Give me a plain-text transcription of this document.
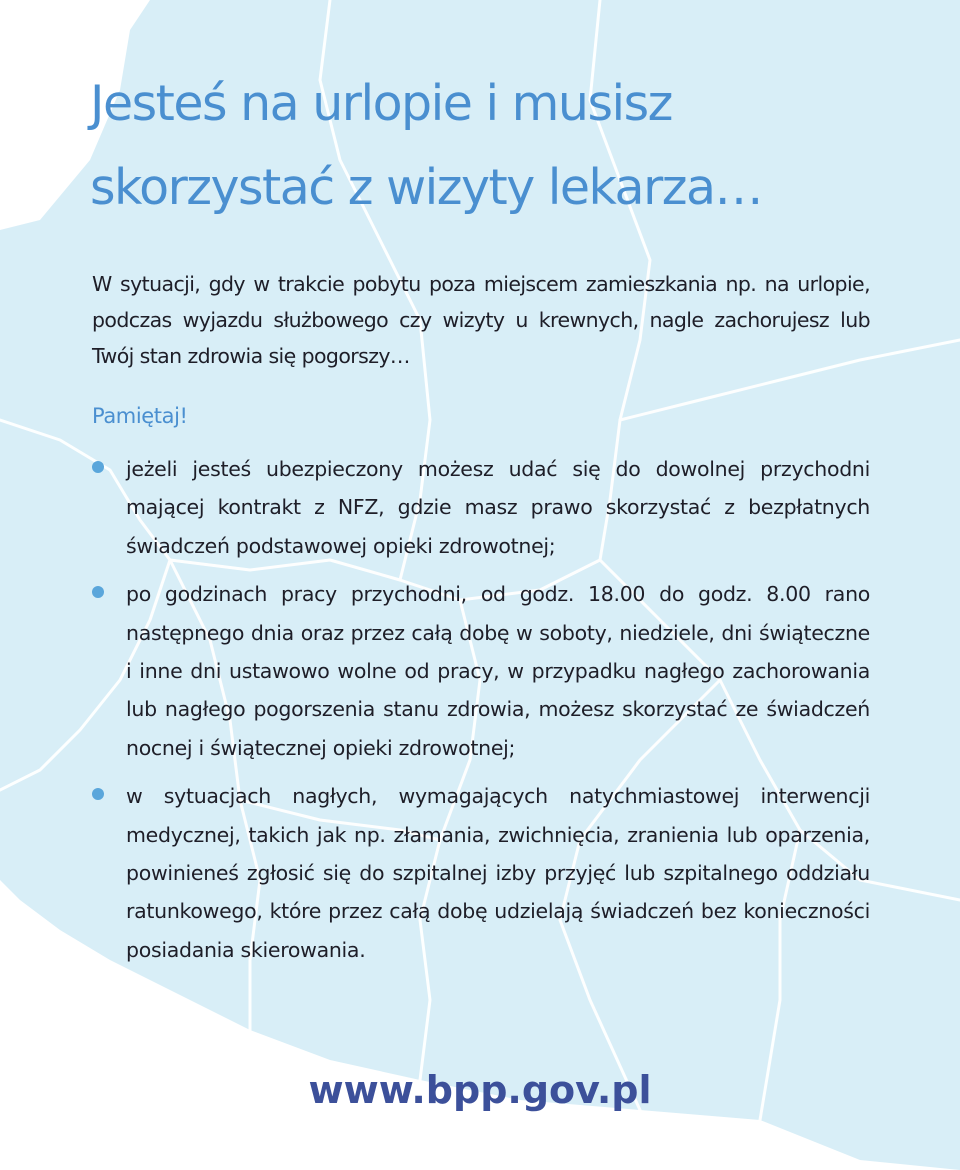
Jesteś na urlopie i musisz
skorzystać z wizyty lekarza…

W sytuacji, gdy w trakcie pobytu poza miejscem zamieszkania np. na urlopie, podczas wyjazdu służbowego czy wizyty u krewnych, nagle zachorujesz lub Twój stan zdrowia się pogorszy…

Pamiętaj!

jeżeli jesteś ubezpieczony możesz udać się do dowolnej przychodni mającej kontrakt z NFZ, gdzie masz prawo skorzystać z bezpłatnych świadczeń podstawowej opieki zdrowotnej;
po godzinach pracy przychodni, od godz. 18.00 do godz. 8.00 rano następnego dnia oraz przez całą dobę w soboty, niedziele, dni świąteczne i inne dni ustawowo wolne od pracy, w przypadku nagłego zachorowania lub nagłego pogorszenia stanu zdrowia, możesz skorzystać ze świadczeń nocnej i świątecznej opieki zdrowotnej;
w sytuacjach nagłych, wymagających natychmiastowej interwencji medycznej, takich jak np. złamania, zwichnięcia, zranienia lub oparzenia, powinieneś zgłosić się do szpitalnej izby przyjęć lub szpitalnego oddziału ratunkowego, które przez całą dobę udzielają świadczeń bez konieczności posiadania skierowania.

www.bpp.gov.pl
